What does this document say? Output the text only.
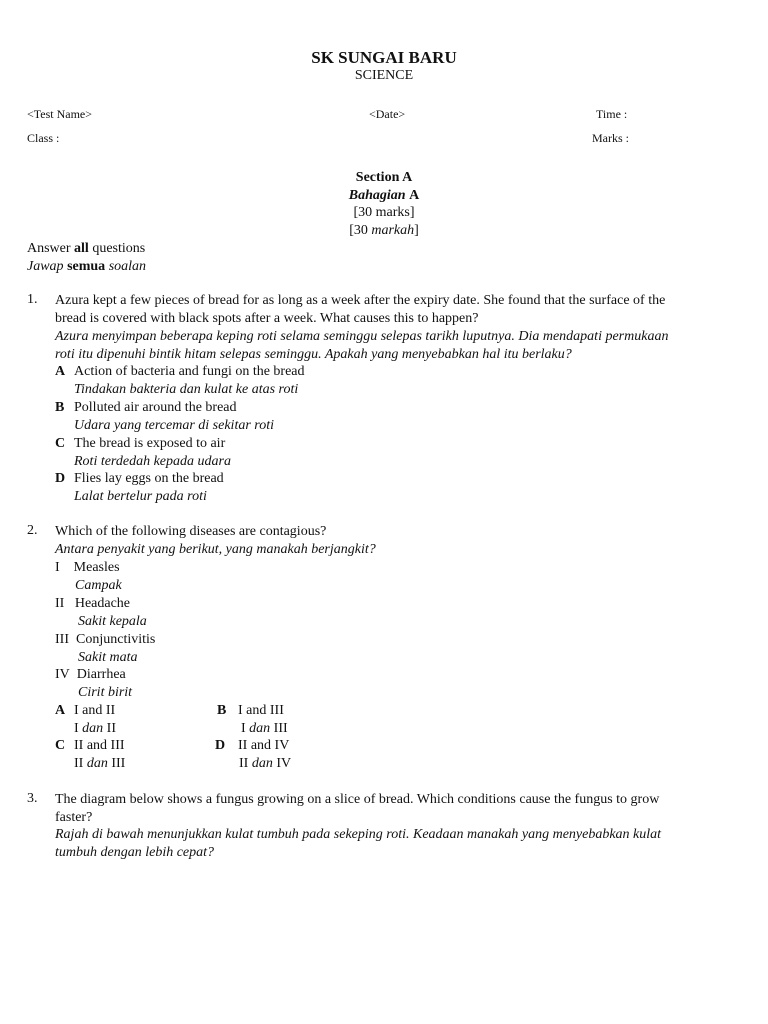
SK SUNGAI BARU
SCIENCE
<Test Name>	<Date>	Time :
Class :	Marks :
Section A
Bahagian A
[30 marks]
[30 markah]
Answer all questions
Jawap semua soalan
1. Azura kept a few pieces of bread for as long as a week after the expiry date. She found that the surface of the
bread is covered with black spots after a week. What causes this to happen?
Azura menyimpan beberapa keping roti selama seminggu selepas tarikh luputnya. Dia mendapati permukaan
roti itu dipenuhi bintik hitam selepas seminggu. Apakah yang menyebabkan hal itu berlaku?
A Action of bacteria and fungi on the bread
Tindakan bakteria dan kulat ke atas roti
B Polluted air around the bread
Udara yang tercemar di sekitar roti
C The bread is exposed to air
Roti terdedah kepada udara
D Flies lay eggs on the bread
Lalat bertelur pada roti
2. Which of the following diseases are contagious?
Antara penyakit yang berikut, yang manakah berjangkit?
I Measles
Campak
II Headache
Sakit kepala
III Conjunctivitis
Sakit mata
IV Diarrhea
Cirit birit
A I and II
I dan II
B I and III
I dan III
C II and III
II dan III
D II and IV
II dan IV
3. The diagram below shows a fungus growing on a slice of bread. Which conditions cause the fungus to grow
faster?
Rajah di bawah menunjukkan kulat tumbuh pada sekeping roti. Keadaan manakah yang menyebabkan kulat
tumbuh dengan lebih cepat?
